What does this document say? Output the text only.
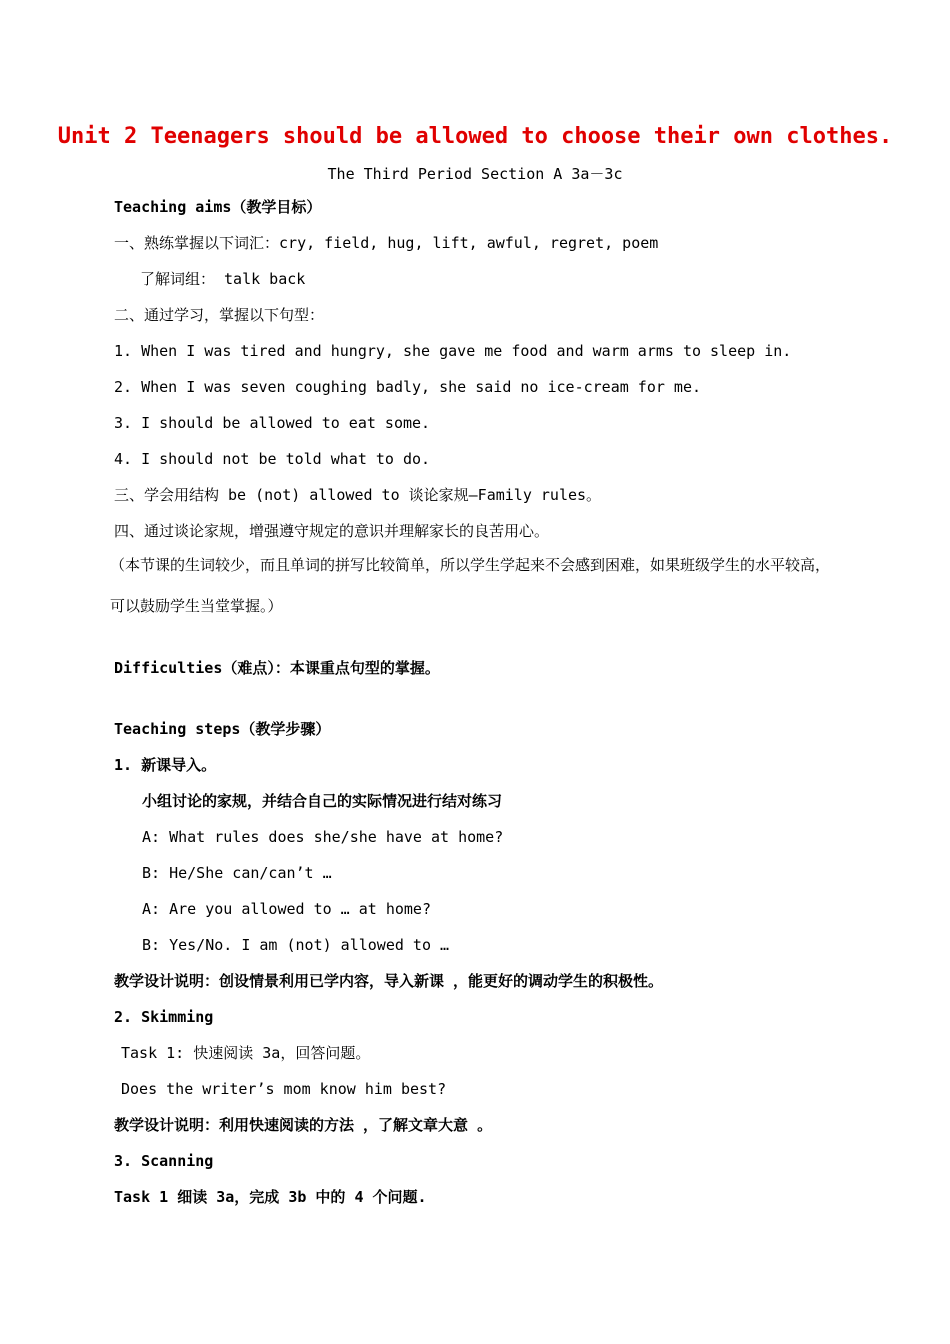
Unit 2 Teenagers should be allowed to choose their own clothes.
The Third Period Section A 3a－3c
Teaching aims（教学目标）
一、熟练掌握以下词汇：cry, field, hug, lift, awful, regret, poem
了解词组： talk back
二、通过学习，掌握以下句型：
1. When I was tired and hungry, she gave me food and warm arms to sleep in.
2. When I was seven coughing badly, she said no ice-cream for me.
3. I should be allowed to eat some.
4. I should not be told what to do.
三、学会用结构 be (not) allowed to 谈论家规—Family rules。
四、通过谈论家规，增强遵守规定的意识并理解家长的良苦用心。
（本节课的生词较少，而且单词的拼写比较简单，所以学生学起来不会感到困难，如果班级学生的水平较高，可以鼓励学生当堂掌握。）
Difficulties（难点）：本课重点句型的掌握。
Teaching steps（教学步骤）
1. 新课导入。
小组讨论的家规，并结合自己的实际情况进行结对练习
A: What rules does she/she have at home?
B: He/She can/can’t …
A: Are you allowed to … at home?
B: Yes/No. I am (not) allowed to …
教学设计说明：创设情景利用已学内容，导入新课 ，能更好的调动学生的积极性。
2. Skimming
Task 1: 快速阅读 3a，回答问题。
Does the writer’s mom know him best?
教学设计说明：利用快速阅读的方法 ，了解文章大意 。
3. Scanning
Task 1 细读 3a，完成 3b 中的 4 个问题.
